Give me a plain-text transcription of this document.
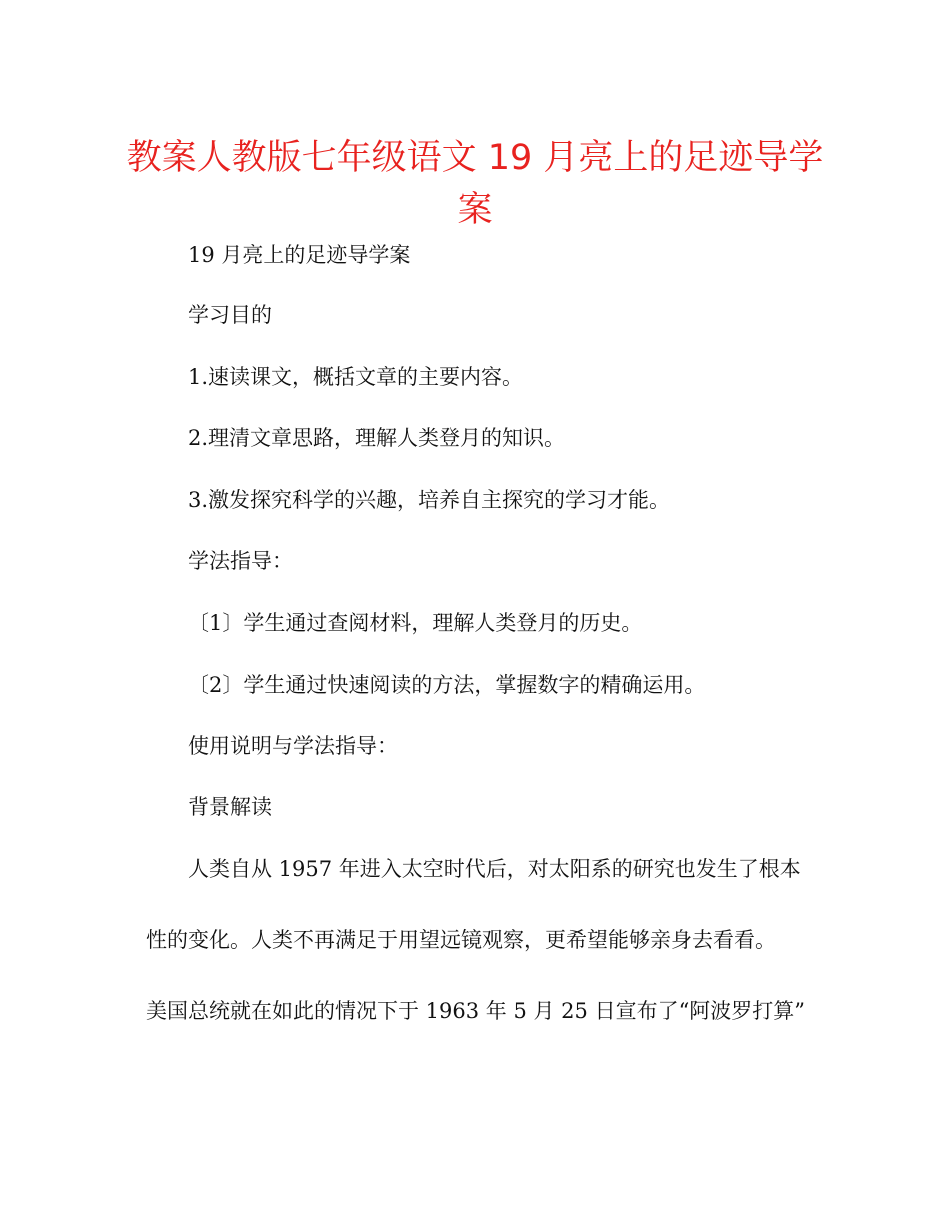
教案人教版七年级语文 19 月亮上的足迹导学案

19 月亮上的足迹导学案

学习目的

1.速读课文，概括文章的主要内容。

2.理清文章思路，理解人类登月的知识。

3.激发探究科学的兴趣，培养自主探究的学习才能。

学法指导：

〔1〕学生通过查阅材料，理解人类登月的历史。

〔2〕学生通过快速阅读的方法，掌握数字的精确运用。

使用说明与学法指导：

背景解读

人类自从 1957 年进入太空时代后，对太阳系的研究也发生了根本

性的变化。人类不再满足于用望远镜观察，更希望能够亲身去看看。

美国总统就在如此的情况下于 1963 年 5 月 25 日宣布了“阿波罗打算”
